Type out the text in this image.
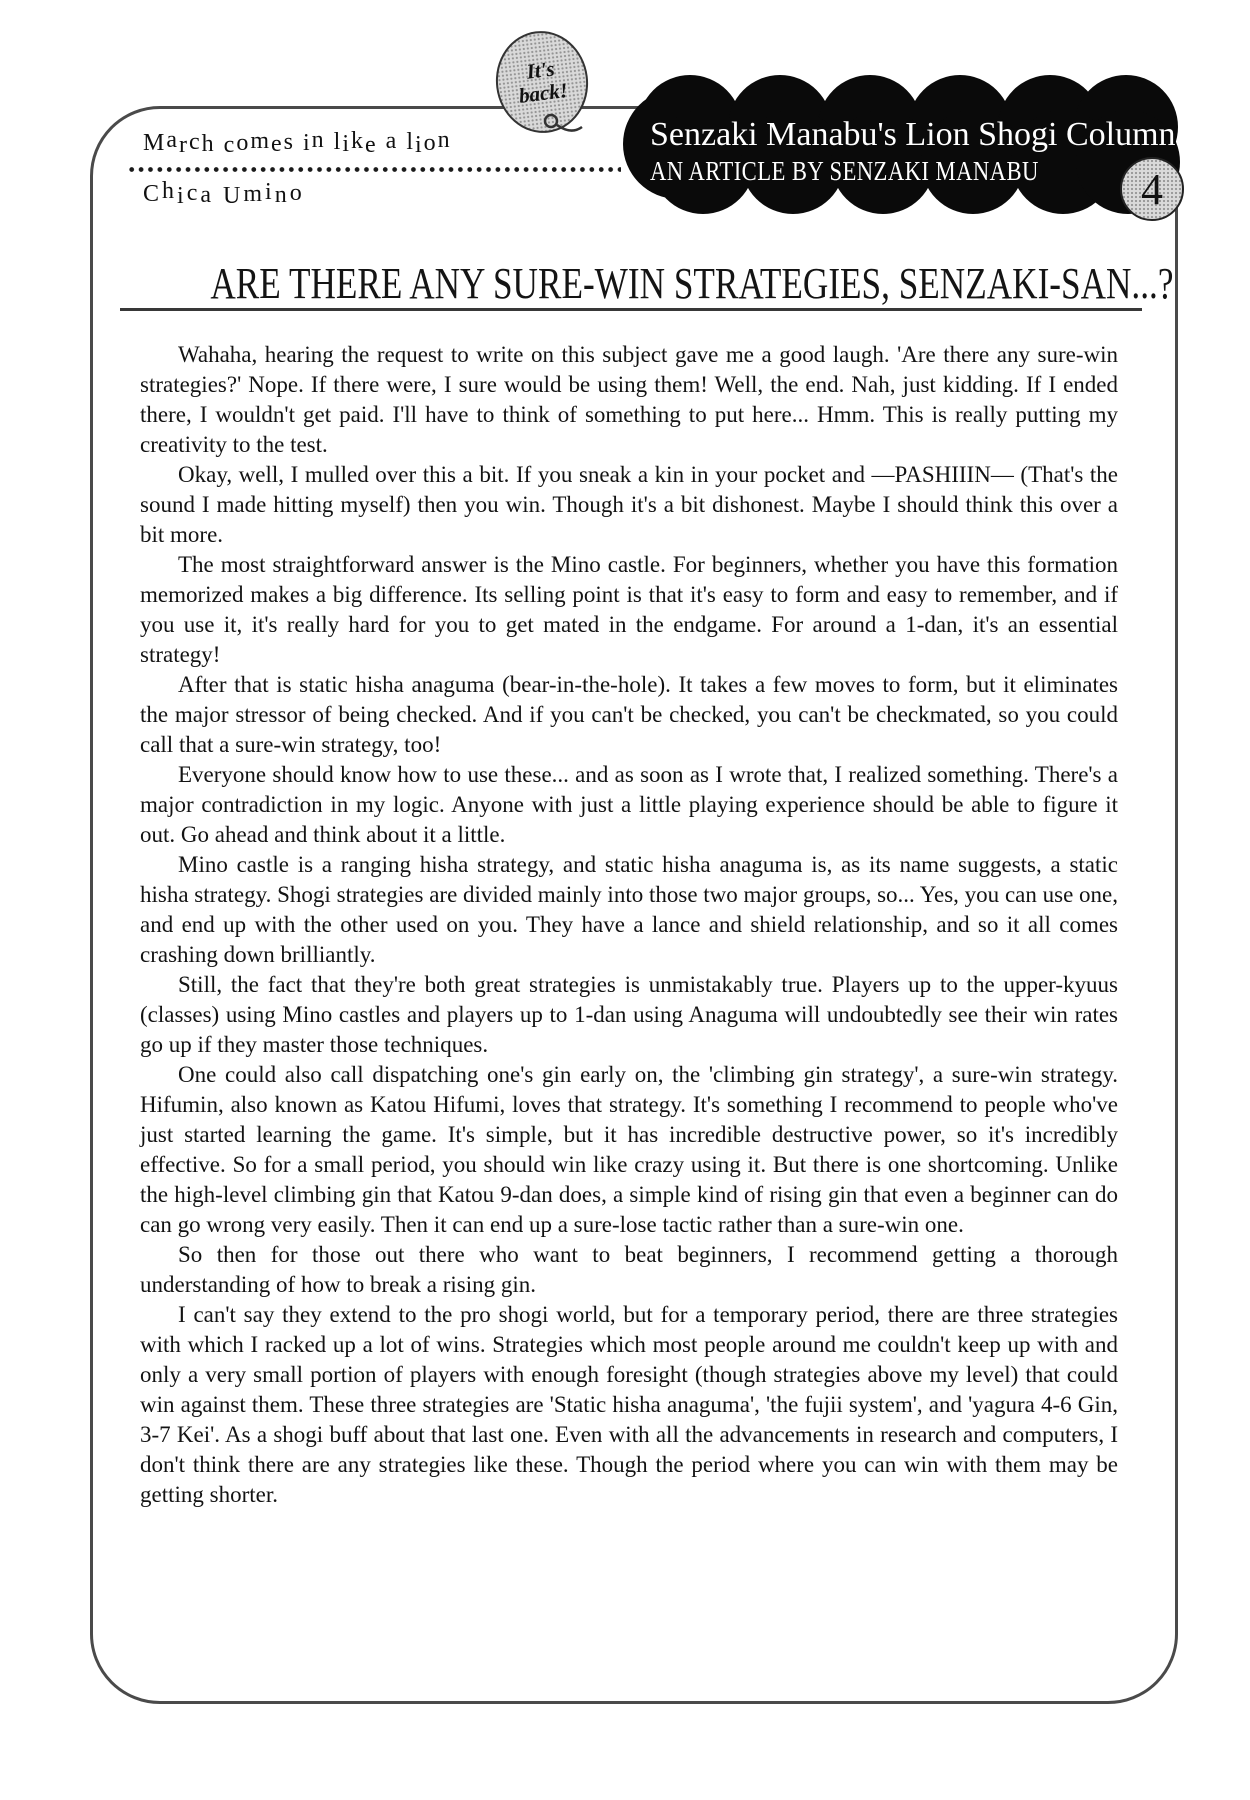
March comes in like a lion
Chica Umino
Senzaki Manabu's Lion Shogi Column
AN ARTICLE BY SENZAKI MANABU
It's
back!
4
ARE THERE ANY SURE-WIN STRATEGIES, SENZAKI-SAN...?

Wahaha, hearing the request to write on this subject gave me a good laugh. 'Are there any sure-win strategies?' Nope. If there were, I sure would be using them! Well, the end. Nah, just kidding. If I ended there, I wouldn't get paid. I'll have to think of something to put here... Hmm. This is really putting my creativity to the test.

Okay, well, I mulled over this a bit. If you sneak a kin in your pocket and —PASHIIIN— (That's the sound I made hitting myself) then you win. Though it's a bit dishonest. Maybe I should think this over a bit more.

The most straightforward answer is the Mino castle. For beginners, whether you have this formation memorized makes a big difference. Its selling point is that it's easy to form and easy to remember, and if you use it, it's really hard for you to get mated in the endgame. For around a 1-dan, it's an essential strategy!

After that is static hisha anaguma (bear-in-the-hole). It takes a few moves to form, but it eliminates the major stressor of being checked. And if you can't be checked, you can't be checkmated, so you could call that a sure-win strategy, too!

Everyone should know how to use these... and as soon as I wrote that, I realized something. There's a major contradiction in my logic. Anyone with just a little playing experience should be able to figure it out. Go ahead and think about it a little.

Mino castle is a ranging hisha strategy, and static hisha anaguma is, as its name suggests, a static hisha strategy. Shogi strategies are divided mainly into those two major groups, so... Yes, you can use one, and end up with the other used on you. They have a lance and shield relationship, and so it all comes crashing down brilliantly.

Still, the fact that they're both great strategies is unmistakably true. Players up to the upper-kyuus (classes) using Mino castles and players up to 1-dan using Anaguma will undoubtedly see their win rates go up if they master those techniques.

One could also call dispatching one's gin early on, the 'climbing gin strategy', a sure-win strategy. Hifumin, also known as Katou Hifumi, loves that strategy. It's something I recommend to people who've just started learning the game. It's simple, but it has incredible destructive power, so it's incredibly effective. So for a small period, you should win like crazy using it. But there is one shortcoming. Unlike the high-level climbing gin that Katou 9-dan does, a simple kind of rising gin that even a beginner can do can go wrong very easily. Then it can end up a sure-lose tactic rather than a sure-win one.

So then for those out there who want to beat beginners, I recommend getting a thorough understanding of how to break a rising gin.

I can't say they extend to the pro shogi world, but for a temporary period, there are three strategies with which I racked up a lot of wins. Strategies which most people around me couldn't keep up with and only a very small portion of players with enough foresight (though strategies above my level) that could win against them. These three strategies are 'Static hisha anaguma', 'the fujii system', and 'yagura 4-6 Gin, 3-7 Kei'. As a shogi buff about that last one. Even with all the advancements in research and computers, I don't think there are any strategies like these. Though the period where you can win with them may be getting shorter.
